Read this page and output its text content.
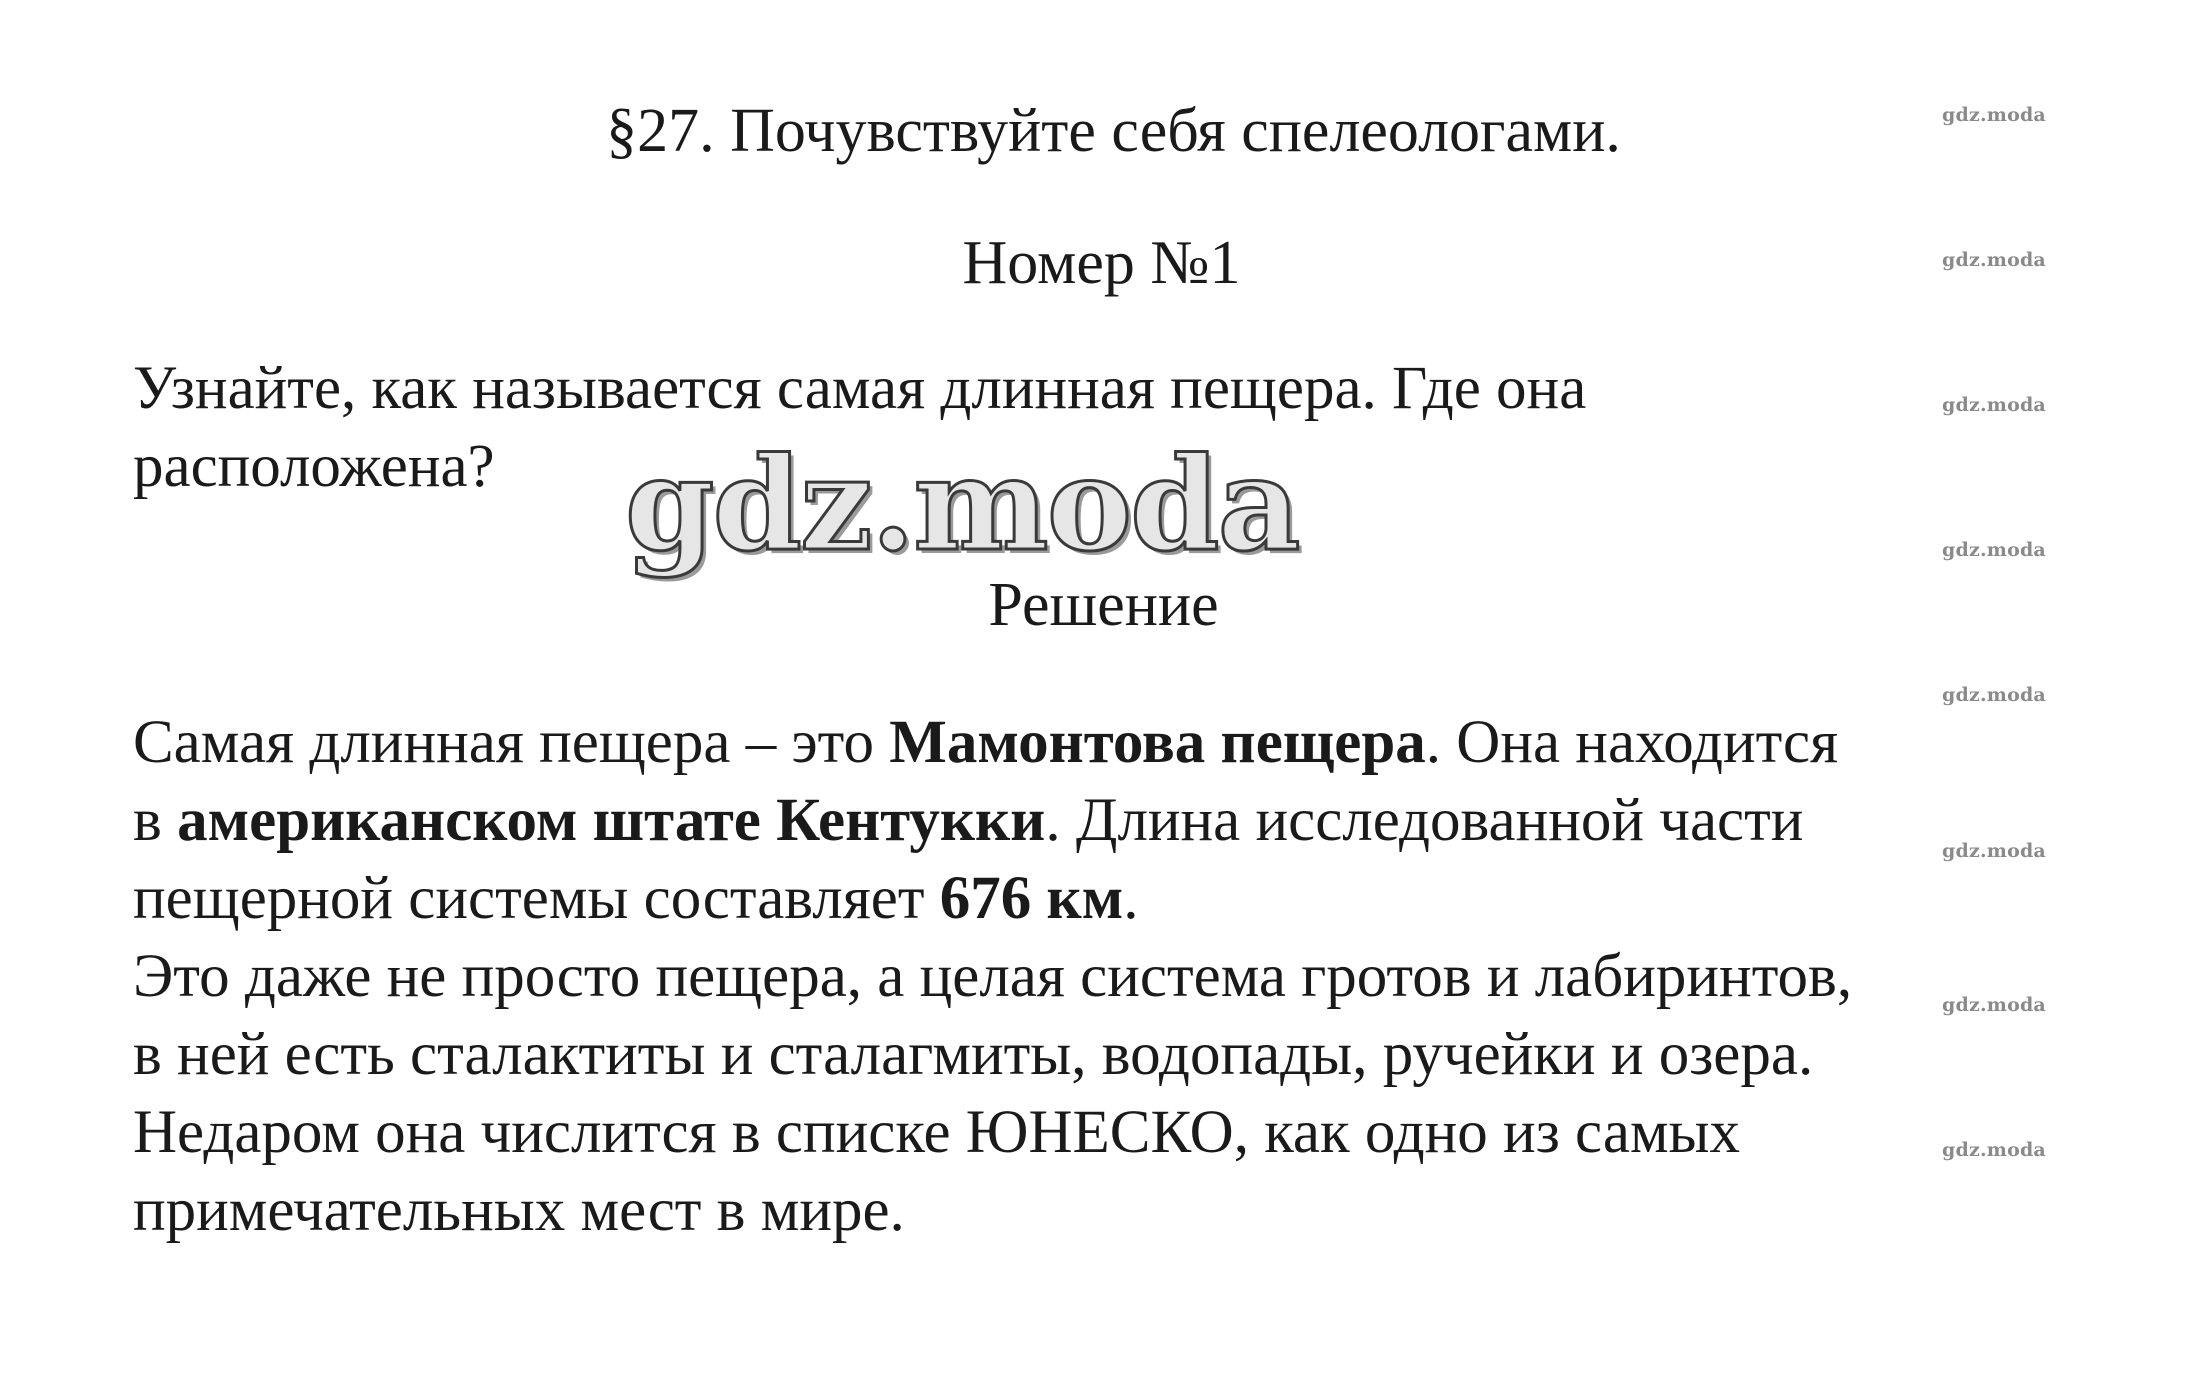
§27. Почувствуйте себя спелеологами.
Номер №1
Узнайте, как называется самая длинная пещера. Где она
расположена?	gdz.moda
Решение
Самая длинная пещера – это Мамонтова пещера. Она находится
в американском штате Кентукки. Длина исследованной части
пещерной системы составляет 676 км.
Это даже не просто пещера, а целая система гротов и лабиринтов,
в ней есть сталактиты и сталагмиты, водопады, ручейки и озера.
Недаром она числится в списке ЮНЕСКО, как одно из самых
примечательных мест в мире.
gdz.moda
gdz.moda
gdz.moda
gdz.moda
gdz.moda
gdz.moda
gdz.moda
gdz.moda
